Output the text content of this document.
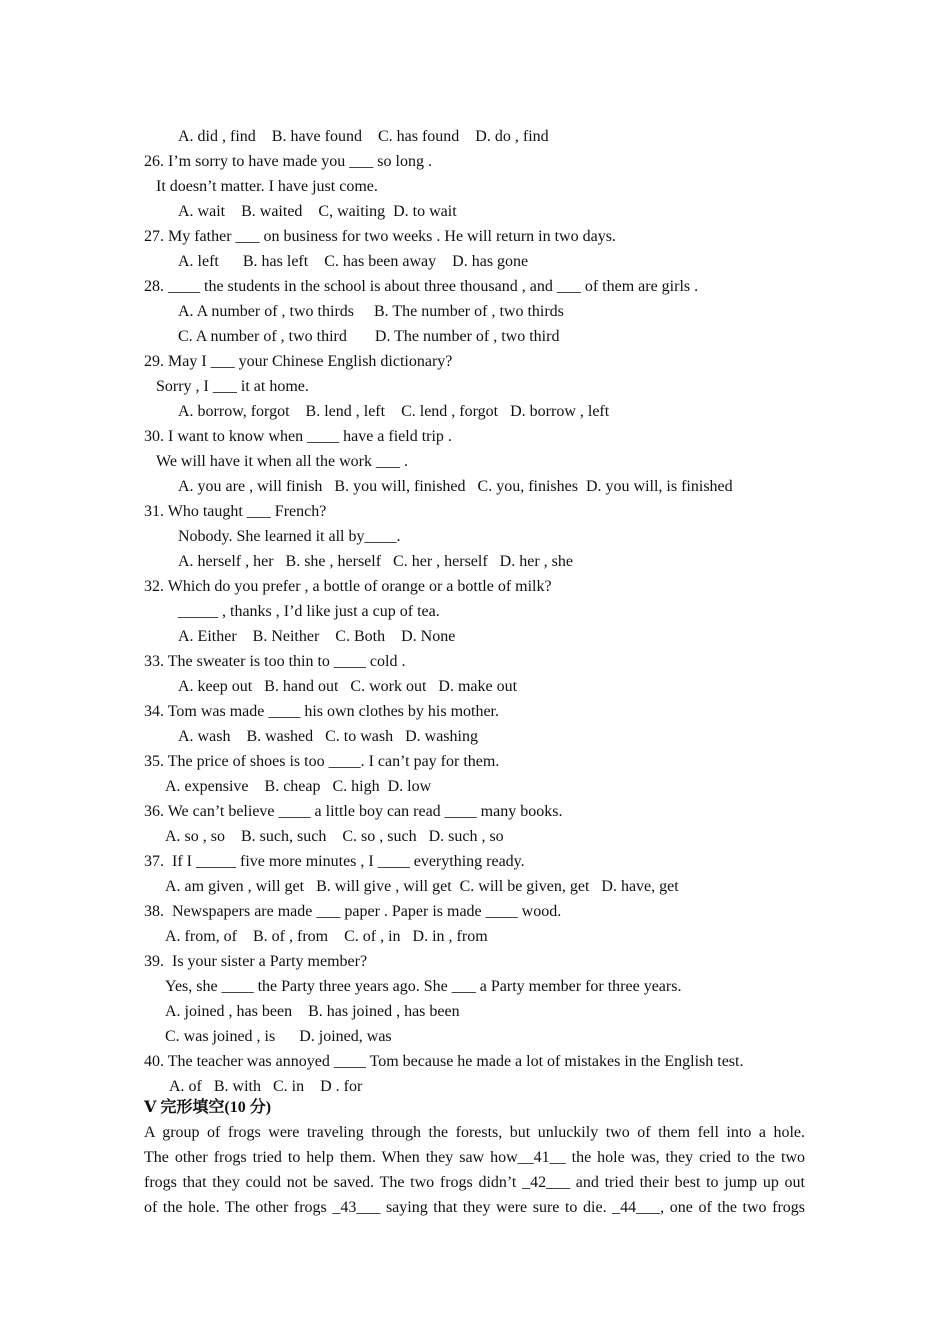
A. did , find    B. have found    C. has found    D. do , find
26. I’m sorry to have made you ___ so long .
It doesn’t matter. I have just come.
A. wait    B. waited    C, waiting  D. to wait
27. My father ___ on business for two weeks . He will return in two days.
A. left      B. has left    C. has been away    D. has gone
28. ____ the students in the school is about three thousand , and ___ of them are girls .
A. A number of , two thirds     B. The number of , two thirds
C. A number of , two third       D. The number of , two third
29. May I ___ your Chinese English dictionary?
Sorry , I ___ it at home.
A. borrow, forgot    B. lend , left    C. lend , forgot   D. borrow , left
30. I want to know when ____ have a field trip .
We will have it when all the work ___ .
A. you are , will finish   B. you will, finished   C. you, finishes  D. you will, is finished
31. Who taught ___ French?
Nobody. She learned it all by____.
A. herself , her   B. she , herself   C. her , herself   D. her , she
32. Which do you prefer , a bottle of orange or a bottle of milk?
_____ , thanks , I’d like just a cup of tea.
A. Either    B. Neither    C. Both    D. None
33. The sweater is too thin to ____ cold .
A. keep out   B. hand out   C. work out   D. make out
34. Tom was made ____ his own clothes by his mother.
A. wash    B. washed   C. to wash   D. washing
35. The price of shoes is too ____. I can’t pay for them.
A. expensive    B. cheap   C. high  D. low
36. We can’t believe ____ a little boy can read ____ many books.
A. so , so    B. such, such    C. so , such   D. such , so
37.  If I _____ five more minutes , I ____ everything ready.
A. am given , will get   B. will give , will get  C. will be given, get   D. have, get
38.  Newspapers are made ___ paper . Paper is made ____ wood.
A. from, of    B. of , from    C. of , in   D. in , from
39.  Is your sister a Party member?
Yes, she ____ the Party three years ago. She ___ a Party member for three years.
A. joined , has been    B. has joined , has been
C. was joined , is      D. joined, was
40. The teacher was annoyed ____ Tom because he made a lot of mistakes in the English test.
A. of   B. with   C. in    D . for
Ⅴ 完形填空(10 分)
A group of frogs were traveling through the forests, but unluckily two of them fell into a hole.
The other frogs tried to help them. When they saw how__41__ the hole was, they cried to the two
frogs that they could not be saved. The two frogs didn’t _42___ and tried their best to jump up out
of the hole. The other frogs _43___ saying that they were sure to die. _44___, one of the two frogs
